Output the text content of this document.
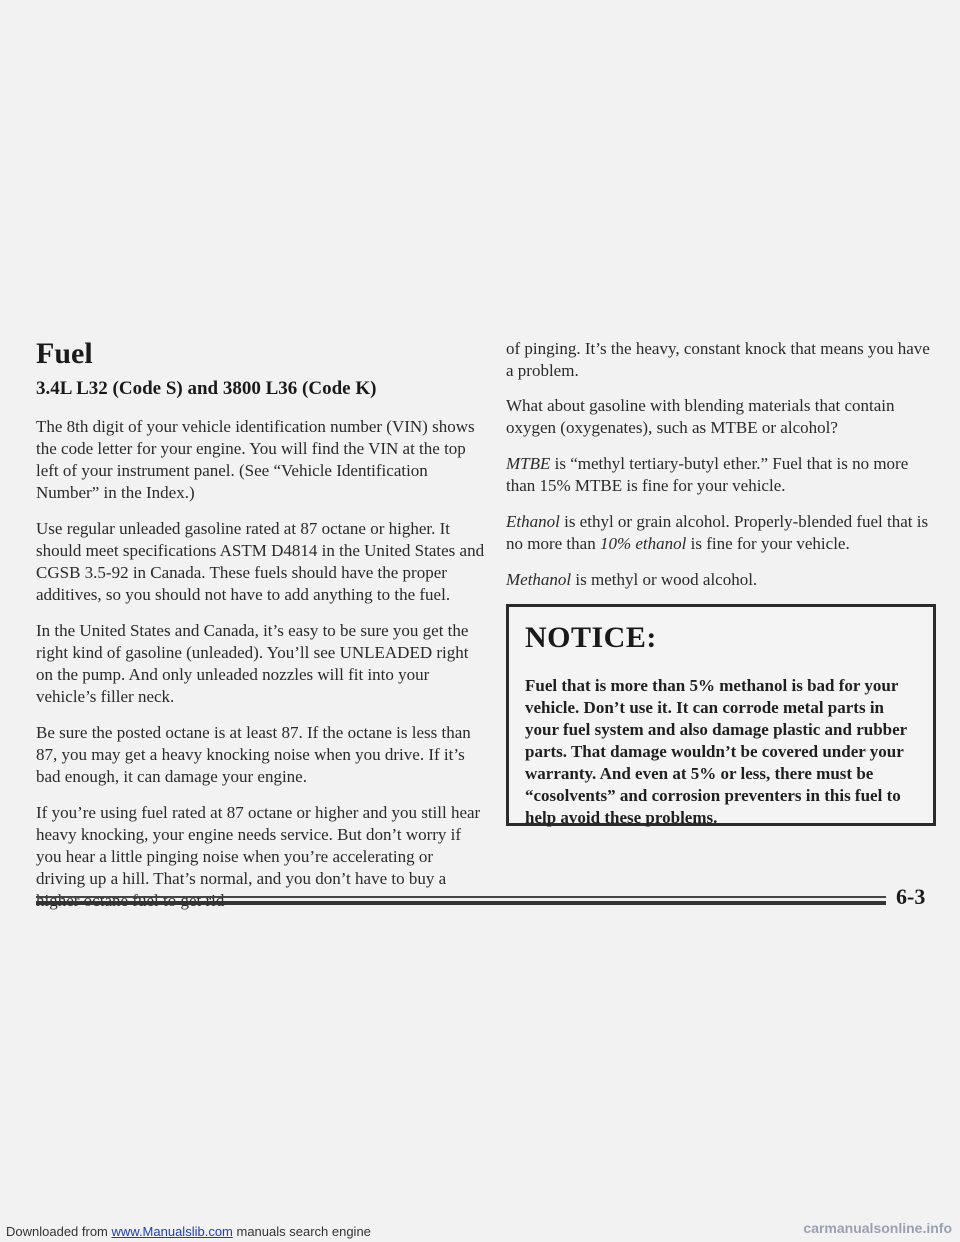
Fuel
3.4L L32 (Code S) and 3800 L36 (Code K)

The 8th digit of your vehicle identification number (VIN) shows the code letter for your engine. You will find the VIN at the top left of your instrument panel. (See “Vehicle Identification Number” in the Index.)

Use regular unleaded gasoline rated at 87 octane or higher. It should meet specifications ASTM D4814 in the United States and CGSB 3.5-92 in Canada. These fuels should have the proper additives, so you should not have to add anything to the fuel.

In the United States and Canada, it’s easy to be sure you get the right kind of gasoline (unleaded). You’ll see UNLEADED right on the pump. And only unleaded nozzles will fit into your vehicle’s filler neck.

Be sure the posted octane is at least 87. If the octane is less than 87, you may get a heavy knocking noise when you drive. If it’s bad enough, it can damage your engine.

If you’re using fuel rated at 87 octane or higher and you still hear heavy knocking, your engine needs service. But don’t worry if you hear a little pinging noise when you’re accelerating or driving up a hill. That’s normal, and you don’t have to buy a

of pinging. It’s the heavy, constant knock that means you have a problem.

What about gasoline with blending materials that contain oxygen (oxygenates), such as MTBE or alcohol?

MTBE is “methyl tertiary-butyl ether.” Fuel that is no more than 15% MTBE is fine for your vehicle.

Ethanol is ethyl or grain alcohol. Properly-blended fuel that is no more than 10% ethanol is fine for your vehicle.

Methanol is methyl or wood alcohol.

NOTICE:
Fuel that is more than 5% methanol is bad for your vehicle. Don’t use it. It can corrode metal parts in your fuel system and also damage plastic and rubber parts. That damage wouldn’t be covered under your warranty. And even at 5% or less, there must be “cosolvents” and corrosion preventers in this fuel to help avoid these problems.
6-3
Downloaded from www.Manualslib.com manuals search engine	carmanualsonline.info
